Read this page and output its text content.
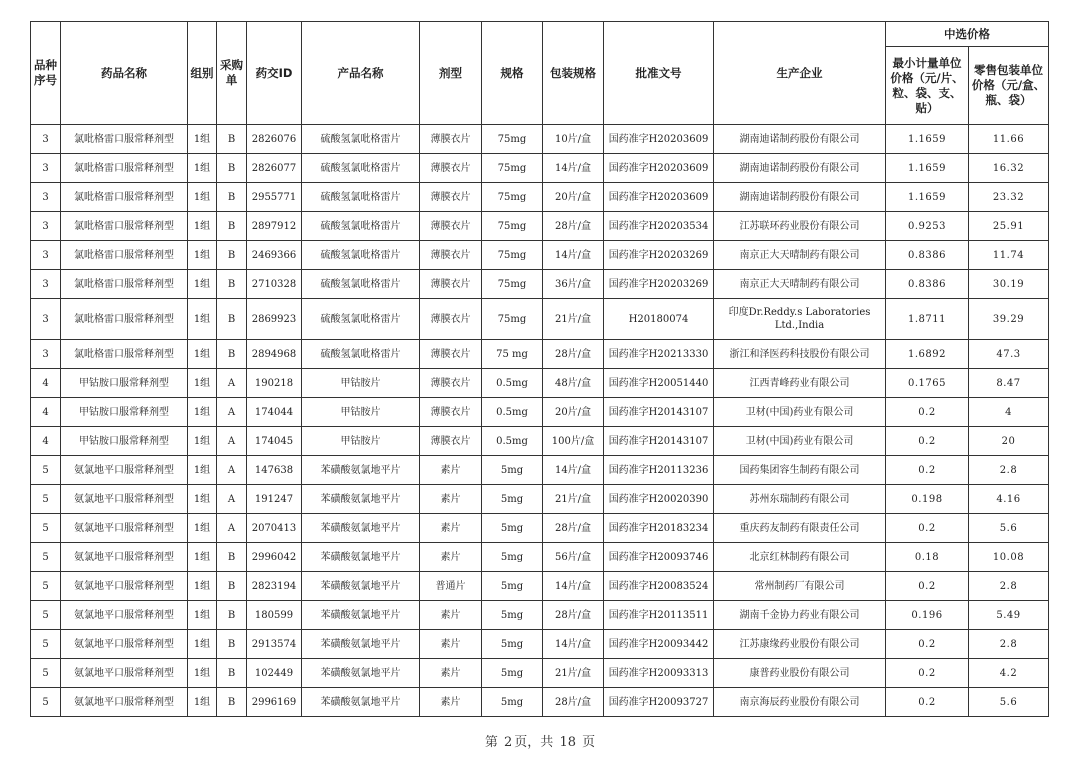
品种序号	药品名称	组别	采购单	药交ID	产品名称	剂型	规格	包装规格	批准文号	生产企业	中选价格	
											最小计量单位价格（元/片、粒、袋、支、贴）	零售包装单位价格（元/盒、瓶、袋）
3	氯吡格雷口服常释剂型	1组	B	2826076	硫酸氢氯吡格雷片	薄膜衣片	75mg	10片/盒	国药准字H20203609	湖南迪诺制药股份有限公司	1.1659	11.66
3	氯吡格雷口服常释剂型	1组	B	2826077	硫酸氢氯吡格雷片	薄膜衣片	75mg	14片/盒	国药准字H20203609	湖南迪诺制药股份有限公司	1.1659	16.32
3	氯吡格雷口服常释剂型	1组	B	2955771	硫酸氢氯吡格雷片	薄膜衣片	75mg	20片/盒	国药准字H20203609	湖南迪诺制药股份有限公司	1.1659	23.32
3	氯吡格雷口服常释剂型	1组	B	2897912	硫酸氢氯吡格雷片	薄膜衣片	75mg	28片/盒	国药准字H20203534	江苏联环药业股份有限公司	0.9253	25.91
3	氯吡格雷口服常释剂型	1组	B	2469366	硫酸氢氯吡格雷片	薄膜衣片	75mg	14片/盒	国药准字H20203269	南京正大天晴制药有限公司	0.8386	11.74
3	氯吡格雷口服常释剂型	1组	B	2710328	硫酸氢氯吡格雷片	薄膜衣片	75mg	36片/盒	国药准字H20203269	南京正大天晴制药有限公司	0.8386	30.19
3	氯吡格雷口服常释剂型	1组	B	2869923	硫酸氢氯吡格雷片	薄膜衣片	75mg	21片/盒	H20180074	印度Dr.Reddy.s Laboratories Ltd.,India	1.8711	39.29
3	氯吡格雷口服常释剂型	1组	B	2894968	硫酸氢氯吡格雷片	薄膜衣片	75 mg	28片/盒	国药准字H20213330	浙江和泽医药科技股份有限公司	1.6892	47.3
4	甲钴胺口服常释剂型	1组	A	190218	甲钴胺片	薄膜衣片	0.5mg	48片/盒	国药准字H20051440	江西青峰药业有限公司	0.1765	8.47
4	甲钴胺口服常释剂型	1组	A	174044	甲钴胺片	薄膜衣片	0.5mg	20片/盒	国药准字H20143107	卫材(中国)药业有限公司	0.2	4
4	甲钴胺口服常释剂型	1组	A	174045	甲钴胺片	薄膜衣片	0.5mg	100片/盒	国药准字H20143107	卫材(中国)药业有限公司	0.2	20
5	氨氯地平口服常释剂型	1组	A	147638	苯磺酸氨氯地平片	素片	5mg	14片/盒	国药准字H20113236	国药集团容生制药有限公司	0.2	2.8
5	氨氯地平口服常释剂型	1组	A	191247	苯磺酸氨氯地平片	素片	5mg	21片/盒	国药准字H20020390	苏州东瑞制药有限公司	0.198	4.16
5	氨氯地平口服常释剂型	1组	A	2070413	苯磺酸氨氯地平片	素片	5mg	28片/盒	国药准字H20183234	重庆药友制药有限责任公司	0.2	5.6
5	氨氯地平口服常释剂型	1组	B	2996042	苯磺酸氨氯地平片	素片	5mg	56片/盒	国药准字H20093746	北京红林制药有限公司	0.18	10.08
5	氨氯地平口服常释剂型	1组	B	2823194	苯磺酸氨氯地平片	普通片	5mg	14片/盒	国药准字H20083524	常州制药厂有限公司	0.2	2.8
5	氨氯地平口服常释剂型	1组	B	180599	苯磺酸氨氯地平片	素片	5mg	28片/盒	国药准字H20113511	湖南千金协力药业有限公司	0.196	5.49
5	氨氯地平口服常释剂型	1组	B	2913574	苯磺酸氨氯地平片	素片	5mg	14片/盒	国药准字H20093442	江苏康缘药业股份有限公司	0.2	2.8
5	氨氯地平口服常释剂型	1组	B	102449	苯磺酸氨氯地平片	素片	5mg	21片/盒	国药准字H20093313	康普药业股份有限公司	0.2	4.2
5	氨氯地平口服常释剂型	1组	B	2996169	苯磺酸氨氯地平片	素片	5mg	28片/盒	国药准字H20093727	南京海辰药业股份有限公司	0.2	5.6
第 2 页，共 18 页
